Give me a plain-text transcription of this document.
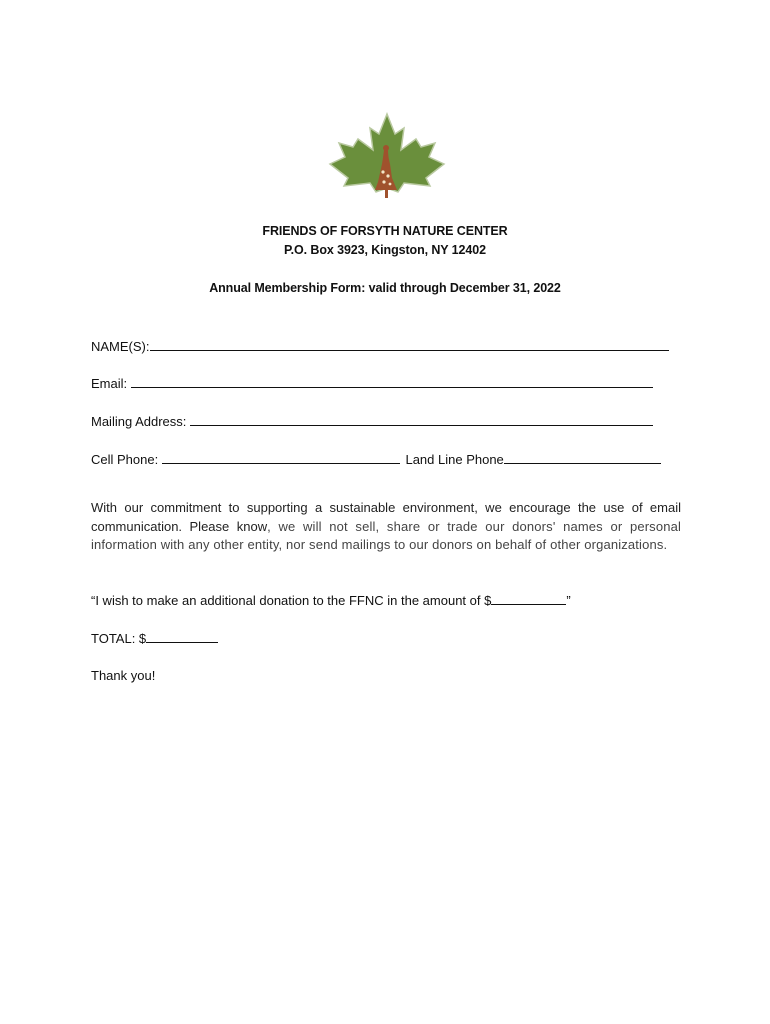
FRIENDS OF FORSYTH NATURE CENTER
P.O. Box 3923, Kingston, NY 12402
Annual Membership Form: valid through December 31, 2022
NAME(S):
Email:
Mailing Address:
Cell Phone:	Land Line Phone
With our commitment to supporting a sustainable environment, we encourage the use of email communication. Please know, we will not sell, share or trade our donors' names or personal information with any other entity, nor send mailings to our donors on behalf of other organizations.
“I wish to make an additional donation to the FFNC in the amount of $	”
TOTAL: $
Thank you!
